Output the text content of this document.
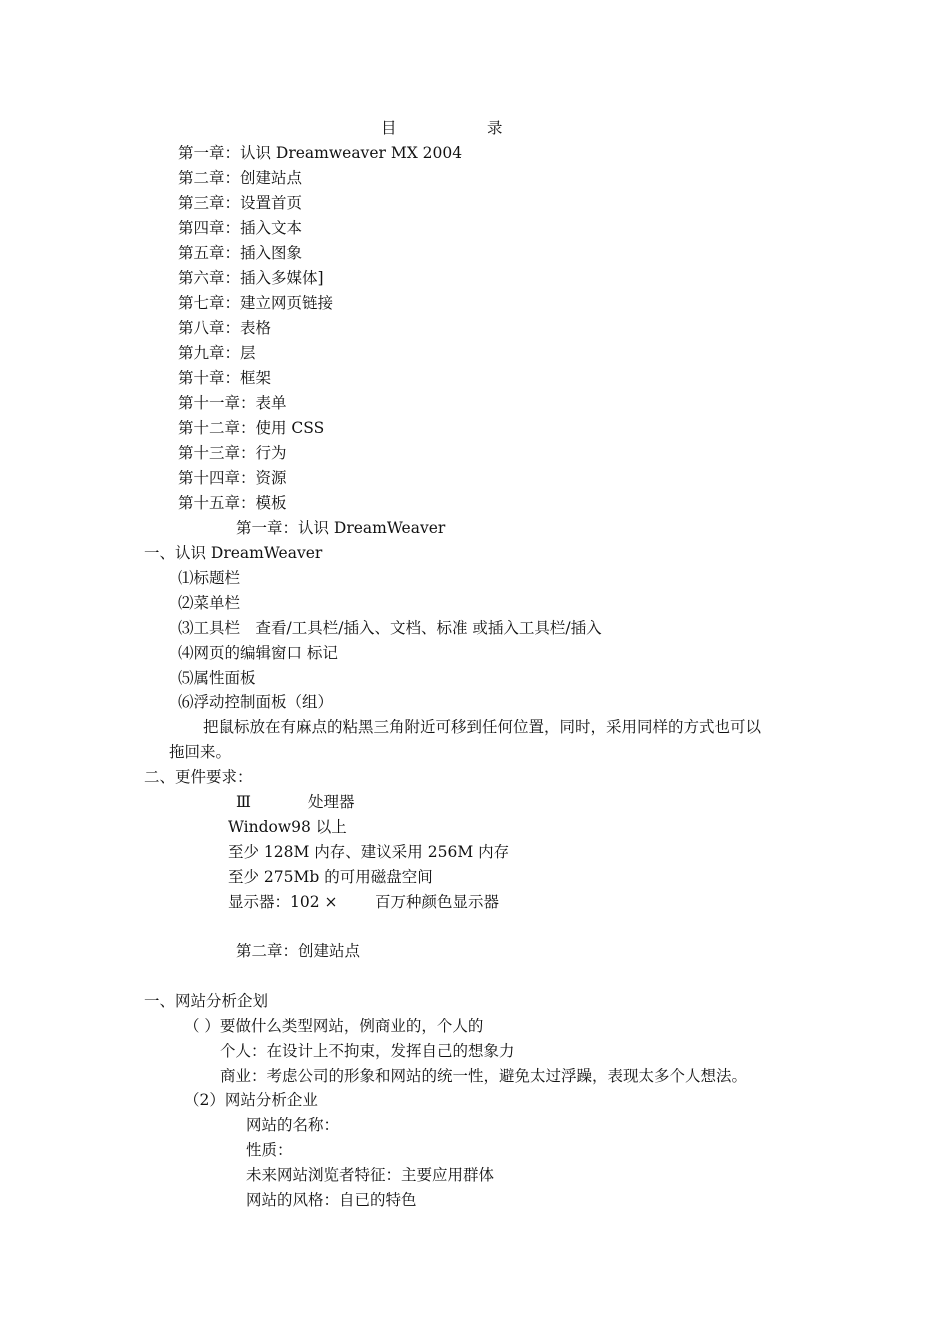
目	录
第一章：认识 Dreamweaver MX 2004
第二章：创建站点
第三章：设置首页
第四章：插入文本
第五章：插入图象
第六章：插入多媒体]
第七章：建立网页链接
第八章：表格
第九章：层
第十章：框架
第十一章：表单
第十二章：使用 CSS
第十三章：行为
第十四章：资源
第十五章：模板
第一章：认识 DreamWeaver
一、认识 DreamWeaver
⑴标题栏
⑵菜单栏
⑶工具栏　查看/工具栏/插入、文档、标准 或插入工具栏/插入
⑷网页的编辑窗口 标记
⑸属性面板
⑹浮动控制面板（组）
把鼠标放在有麻点的粘黑三角附近可移到任何位置，同时，采用同样的方式也可以
拖回来。
二、更件要求：
Ⅲ	处理器
Window98 以上
至少 128M 内存、建议采用 256M 内存
至少 275Mb 的可用磁盘空间
显示器：102 × 百万种颜色显示器
第二章：创建站点
一、网站分析企划
（ ）要做什么类型网站，例商业的，个人的
个人：在设计上不拘束，发挥自己的想象力
商业：考虑公司的形象和网站的统一性，避免太过浮躁，表现太多个人想法。
（2）网站分析企业
网站的名称：
性质：
未来网站浏览者特征：主要应用群体
网站的风格：自已的特色
